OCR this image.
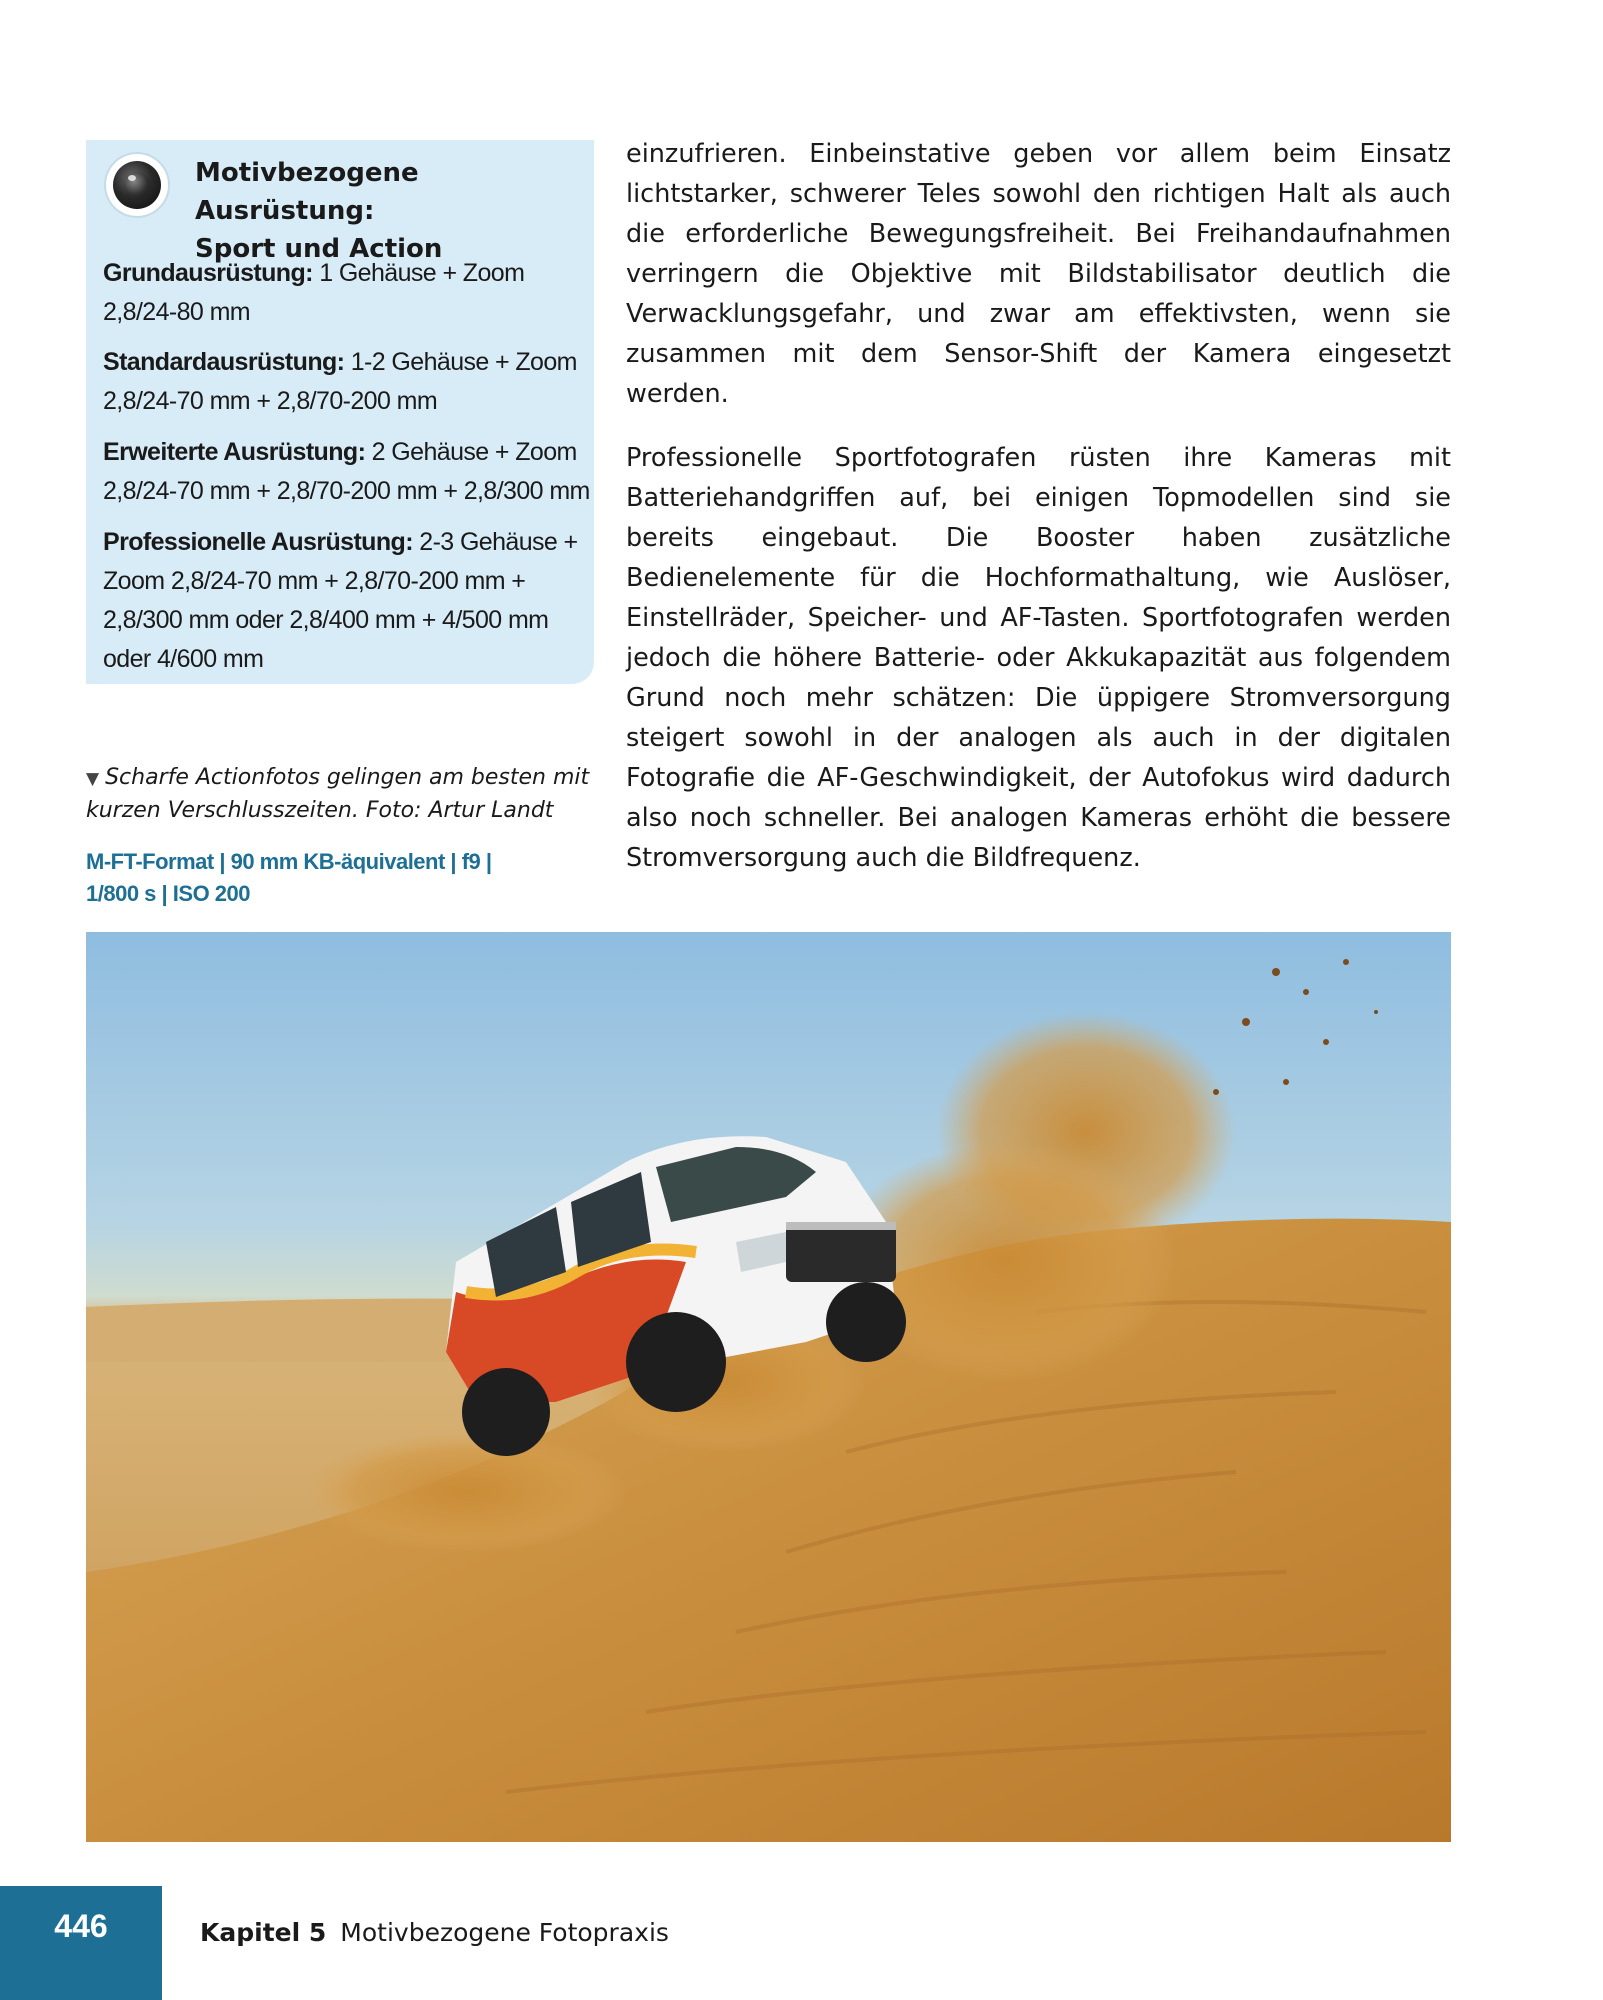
Motivbezogene Ausrüstung:
Sport und Action
Grundausrüstung: 1 Gehäuse + Zoom 2,8/24-80 mm
Standardausrüstung: 1-2 Gehäuse + Zoom 2,8/24-70 mm + 2,8/70-200 mm
Erweiterte Ausrüstung: 2 Gehäuse + Zoom 2,8/24-70 mm + 2,8/70-200 mm + 2,8/300 mm
Professionelle Ausrüstung: 2-3 Gehäuse + Zoom 2,8/24-70 mm + 2,8/70-200 mm + 2,8/300 mm oder 2,8/400 mm + 4/500 mm oder 4/600 mm

einzufrieren. Einbeinstative geben vor allem beim Einsatz lichtstarker, schwerer Teles sowohl den richtigen Halt als auch die erforderliche Bewegungsfreiheit. Bei Freihandaufnahmen verringern die Objektive mit Bildstabilisator deutlich die Verwacklungsgefahr, und zwar am effektivsten, wenn sie zusammen mit dem Sensor-Shift der Kamera eingesetzt werden.

Professionelle Sportfotografen rüsten ihre Kameras mit Batteriehandgriffen auf, bei einigen Topmodellen sind sie bereits eingebaut. Die Booster haben zusätzliche Bedienelemente für die Hochformathaltung, wie Auslöser, Einstellräder, Speicher- und AF-Tasten. Sportfotografen werden jedoch die höhere Batterie- oder Akkukapazität aus folgendem Grund noch mehr schätzen: Die üppigere Stromversorgung steigert sowohl in der analogen als auch in der digitalen Fotografie die AF-Geschwindigkeit, der Autofokus wird dadurch also noch schneller. Bei analogen Kameras erhöht die bessere Stromversorgung auch die Bildfrequenz.

▼ Scharfe Actionfotos gelingen am besten mit kurzen Verschlusszeiten. Foto: Artur Landt
M-FT-Format | 90 mm KB-äquivalent | f9 |
1/800 s | ISO 200
446	Kapitel 5 Motivbezogene Fotopraxis
